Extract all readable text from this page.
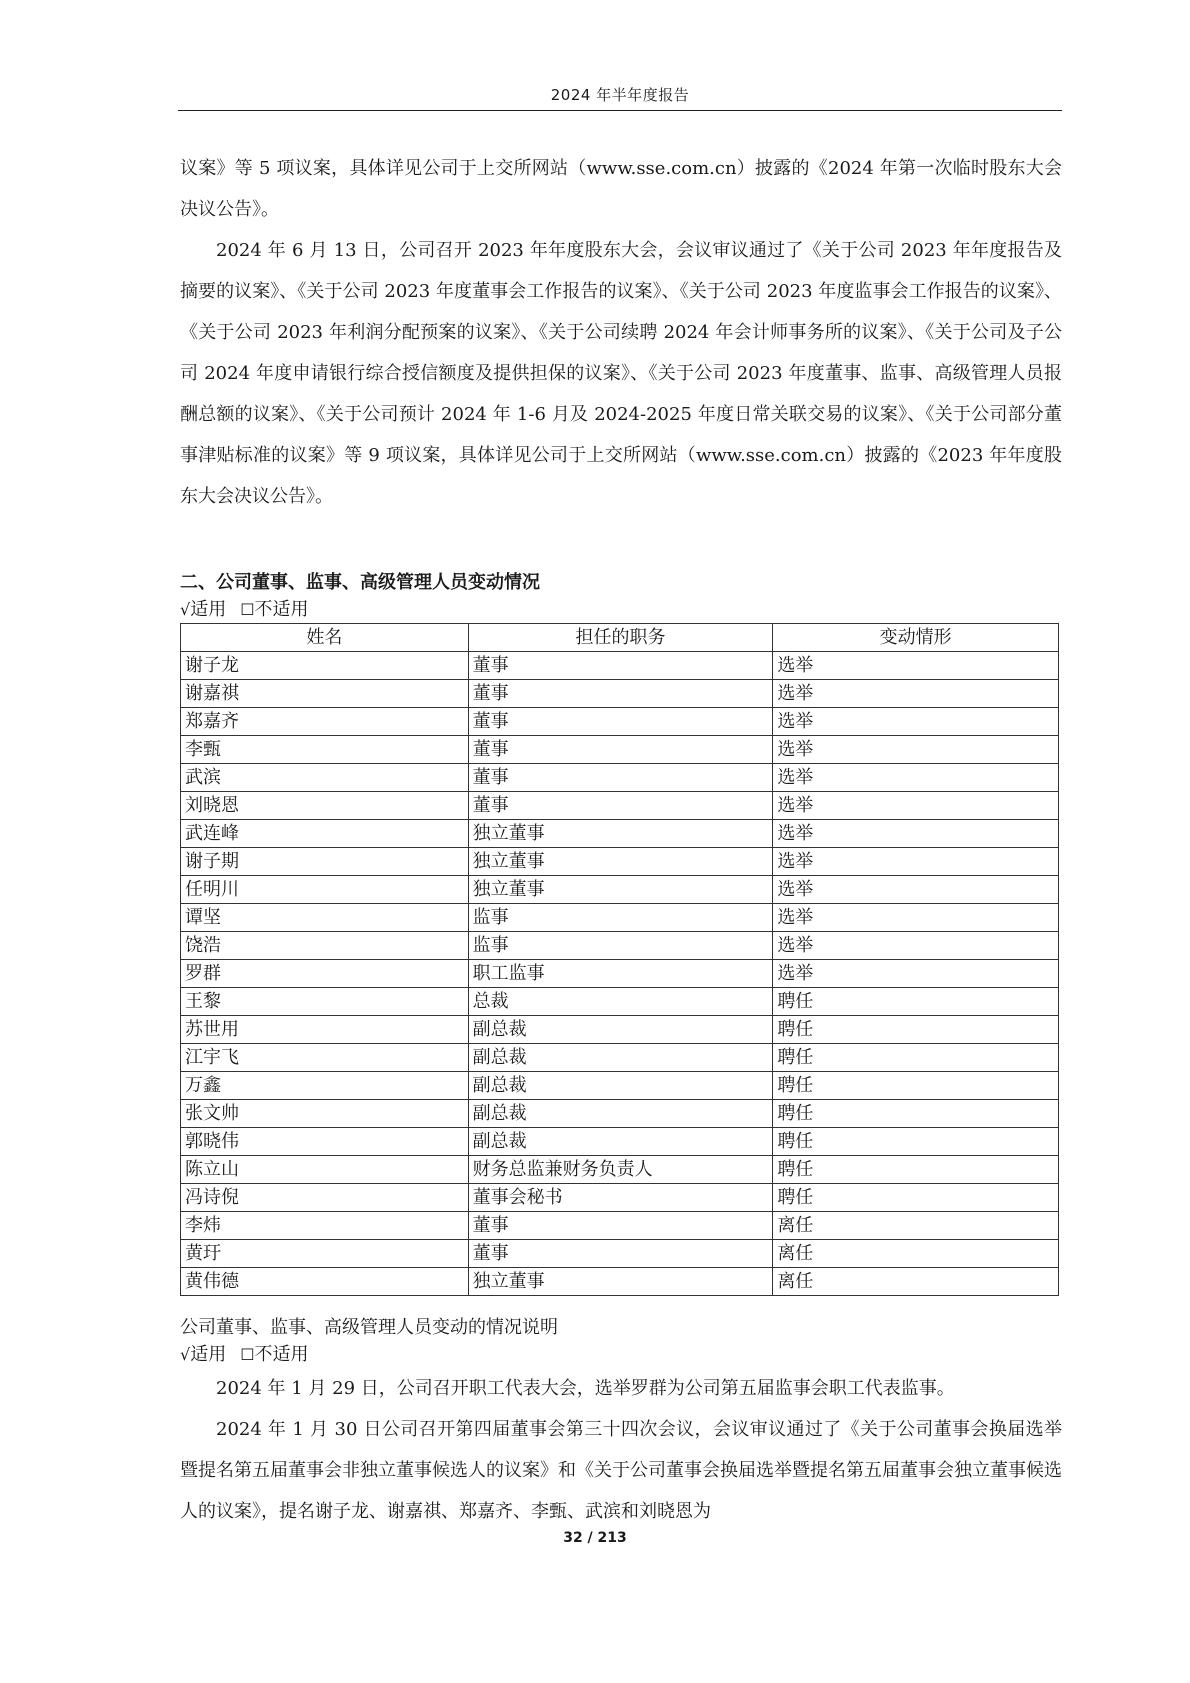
2024 年半年度报告

议案》等 5 项议案，具体详见公司于上交所网站（www.sse.com.cn）披露的《2024 年第一次临时股东大会决议公告》。

2024 年 6 月 13 日，公司召开 2023 年年度股东大会，会议审议通过了《关于公司 2023 年年度报告及摘要的议案》、《关于公司 2023 年度董事会工作报告的议案》、《关于公司 2023 年度监事会工作报告的议案》、《关于公司 2023 年利润分配预案的议案》、《关于公司续聘 2024 年会计师事务所的议案》、《关于公司及子公司 2024 年度申请银行综合授信额度及提供担保的议案》、《关于公司 2023 年度董事、监事、高级管理人员报酬总额的议案》、《关于公司预计 2024 年 1-6 月及 2024-2025 年度日常关联交易的议案》、《关于公司部分董事津贴标准的议案》等 9 项议案，具体详见公司于上交所网站（www.sse.com.cn）披露的《2023 年年度股东大会决议公告》。

二、公司董事、监事、高级管理人员变动情况
√适用 ☐不适用
姓名	担任的职务	变动情形
谢子龙	董事	选举
谢嘉祺	董事	选举
郑嘉齐	董事	选举
李甄	董事	选举
武滨	董事	选举
刘晓恩	董事	选举
武连峰	独立董事	选举
谢子期	独立董事	选举
任明川	独立董事	选举
谭坚	监事	选举
饶浩	监事	选举
罗群	职工监事	选举
王黎	总裁	聘任
苏世用	副总裁	聘任
江宇飞	副总裁	聘任
万鑫	副总裁	聘任
张文帅	副总裁	聘任
郭晓伟	副总裁	聘任
陈立山	财务总监兼财务负责人	聘任
冯诗倪	董事会秘书	聘任
李炜	董事	离任
黄玗	董事	离任
黄伟德	独立董事	离任
公司董事、监事、高级管理人员变动的情况说明
√适用 ☐不适用

2024 年 1 月 29 日，公司召开职工代表大会，选举罗群为公司第五届监事会职工代表监事。

2024 年 1 月 30 日公司召开第四届董事会第三十四次会议，会议审议通过了《关于公司董事会换届选举暨提名第五届董事会非独立董事候选人的议案》和《关于公司董事会换届选举暨提名第五届董事会独立董事候选人的议案》，提名谢子龙、谢嘉祺、郑嘉齐、李甄、武滨和刘晓恩为

32 / 213
